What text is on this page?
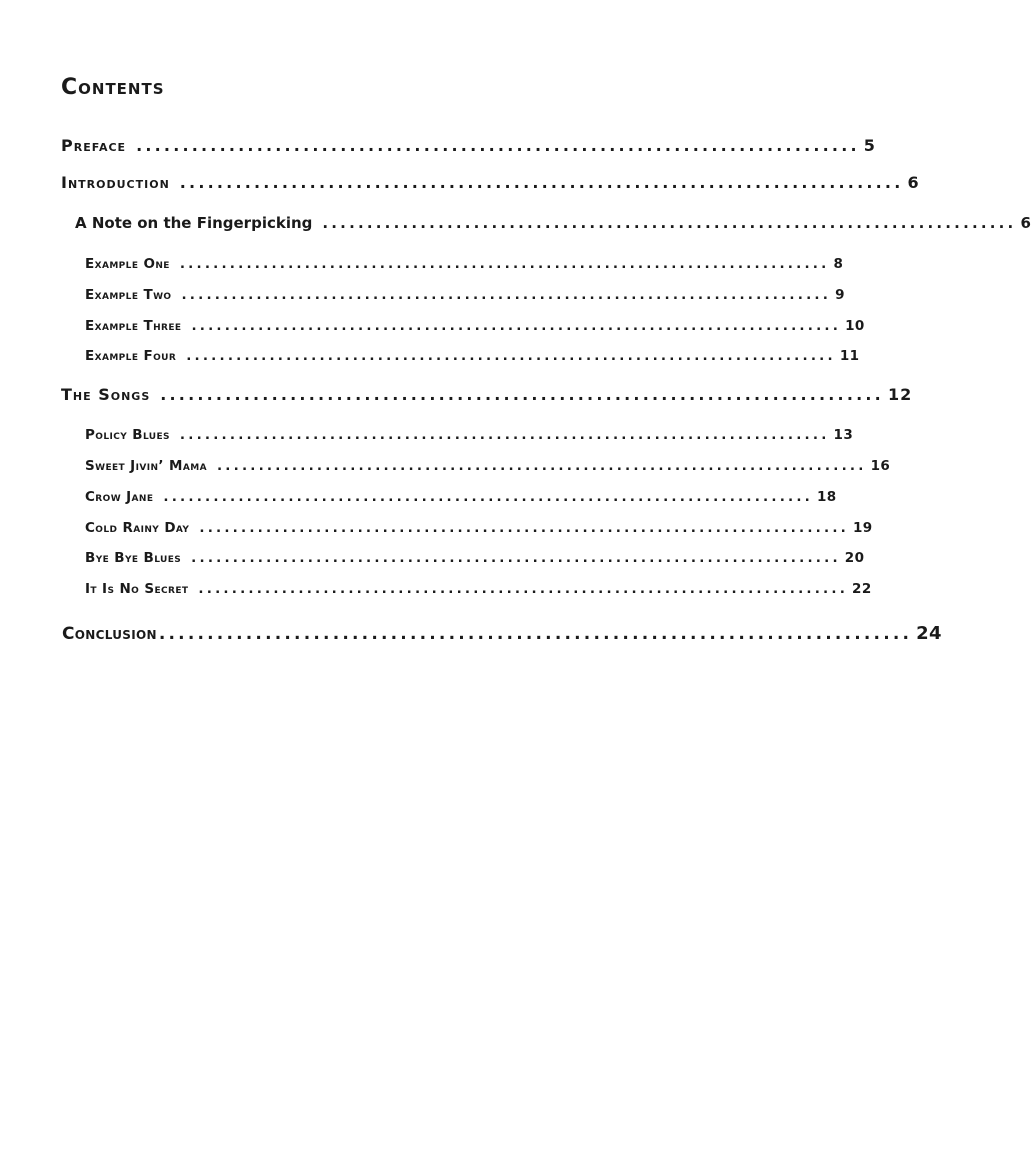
Contents
Preface .............................................................................. 5
Introduction .............................................................................. 6
A Note on the Fingerpicking .............................................................................. 6
Example One .............................................................................. 8
Example Two .............................................................................. 9
Example Three .............................................................................. 10
Example Four .............................................................................. 11
The Songs .............................................................................. 12
Policy Blues .............................................................................. 13
Sweet Jivin’ Mama .............................................................................. 16
Crow Jane .............................................................................. 18
Cold Rainy Day .............................................................................. 19
Bye Bye Blues .............................................................................. 20
It Is No Secret .............................................................................. 22
Conclusion .............................................................................. 24
